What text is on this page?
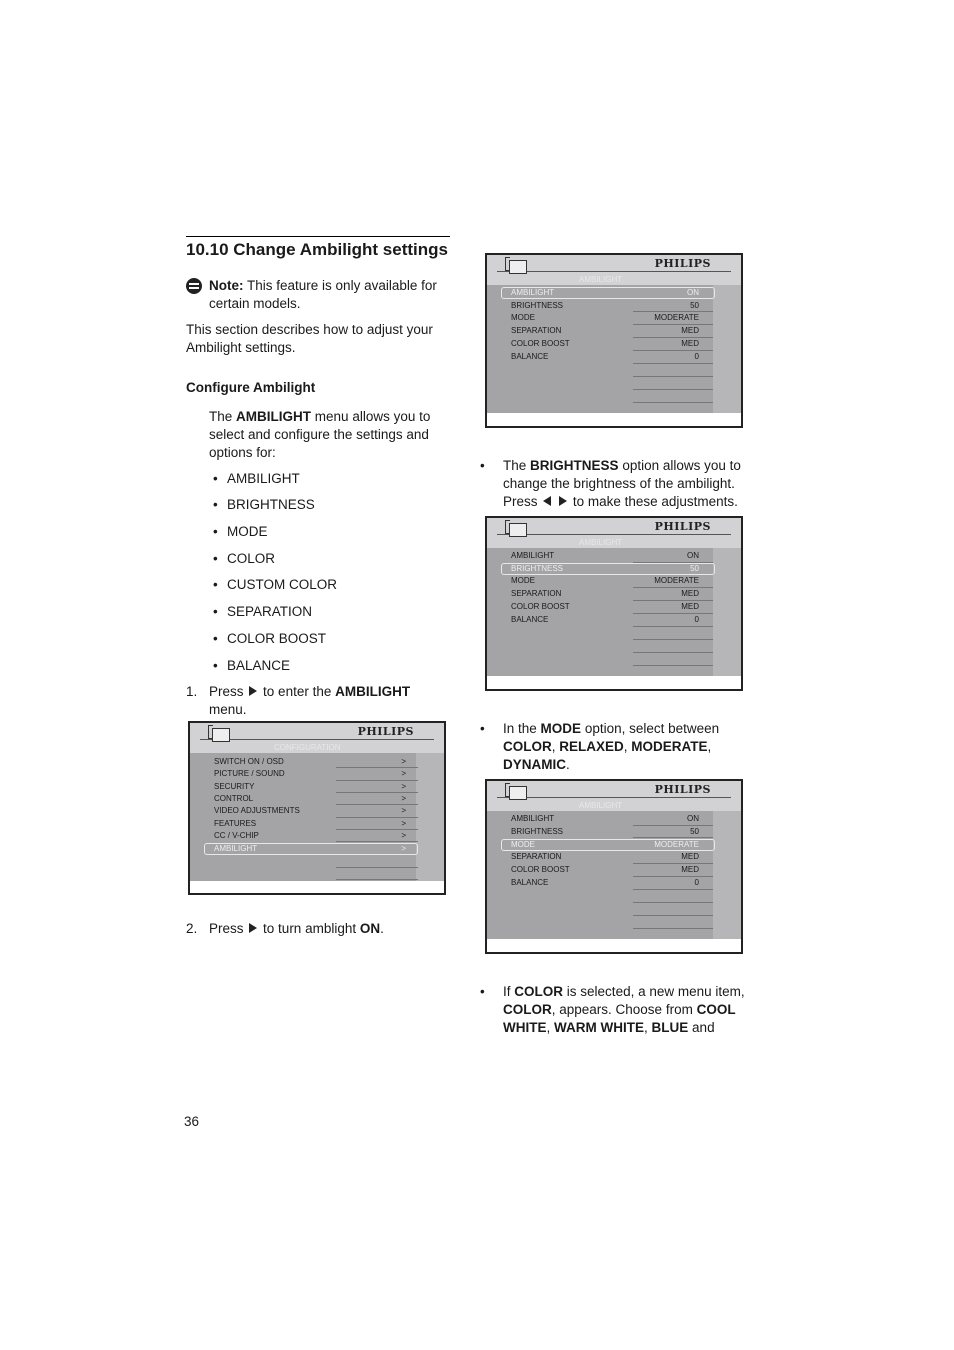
10.10 Change Ambilight settings
Note: This feature is only available for certain models.
This section describes how to adjust your Ambilight settings.
Configure Ambilight
The AMBILIGHT menu allows you to select and configure the settings and options for:
• AMBILIGHT
• BRIGHTNESS
• MODE
• COLOR
• CUSTOM COLOR
• SEPARATION
• COLOR BOOST
• BALANCE
1. Press to enter the AMBILIGHT menu.
PHILIPS
CONFIGURATION
SWITCH ON / OSD
PICTURE / SOUND
SECURITY
CONTROL
VIDEO ADJUSTMENTS
FEATURES
CC / V-CHIP
AMBILIGHT
>
>
>
>
>
>
>
>
2. Press to turn amblight ON.
PHILIPS
AMBILIGHT
AMBILIGHT
BRIGHTNESS
MODE
SEPARATION
COLOR BOOST
BALANCE
ON
50
MODERATE
MED
MED
0
• The BRIGHTNESS option allows you to change the brightness of the ambilight. Press	to make these adjustments.
PHILIPS
AMBILIGHT
AMBILIGHT
BRIGHTNESS
MODE
SEPARATION
COLOR BOOST
BALANCE
ON
50
MODERATE
MED
MED
0
• In the MODE option, select between
COLOR, RELAXED, MODERATE,
DYNAMIC.
PHILIPS
AMBILIGHT
AMBILIGHT
BRIGHTNESS
MODE
SEPARATION
COLOR BOOST
BALANCE
ON
50
MODERATE
MED
MED
0
• If COLOR is selected, a new menu item, COLOR, appears. Choose from COOL WHITE, WARM WHITE, BLUE and
36
